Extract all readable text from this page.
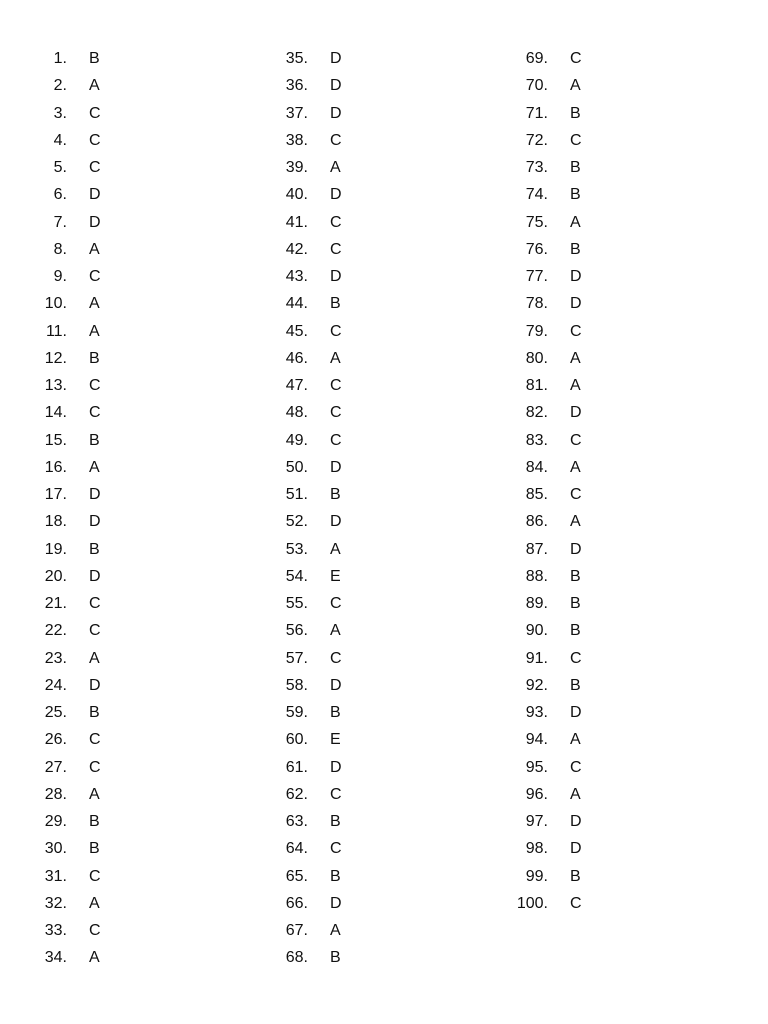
1.	B
2.	A
3.	C
4.	C
5.	C
6.	D
7.	D
8.	A
9.	C
10.	A
11.	A
12.	B
13.	C
14.	C
15.	B
16.	A
17.	D
18.	D
19.	B
20.	D
21.	C
22.	C
23.	A
24.	D
25.	B
26.	C
27.	C
28.	A
29.	B
30.	B
31.	C
32.	A
33.	C
34.	A
35.	D
36.	D
37.	D
38.	C
39.	A
40.	D
41.	C
42.	C
43.	D
44.	B
45.	C
46.	A
47.	C
48.	C
49.	C
50.	D
51.	B
52.	D
53.	A
54.	E
55.	C
56.	A
57.	C
58.	D
59.	B
60.	E
61.	D
62.	C
63.	B
64.	C
65.	B
66.	D
67.	A
68.	B
69.	C
70.	A
71.	B
72.	C
73.	B
74.	B
75.	A
76.	B
77.	D
78.	D
79.	C
80.	A
81.	A
82.	D
83.	C
84.	A
85.	C
86.	A
87.	D
88.	B
89.	B
90.	B
91.	C
92.	B
93.	D
94.	A
95.	C
96.	A
97.	D
98.	D
99.	B
100.	C
